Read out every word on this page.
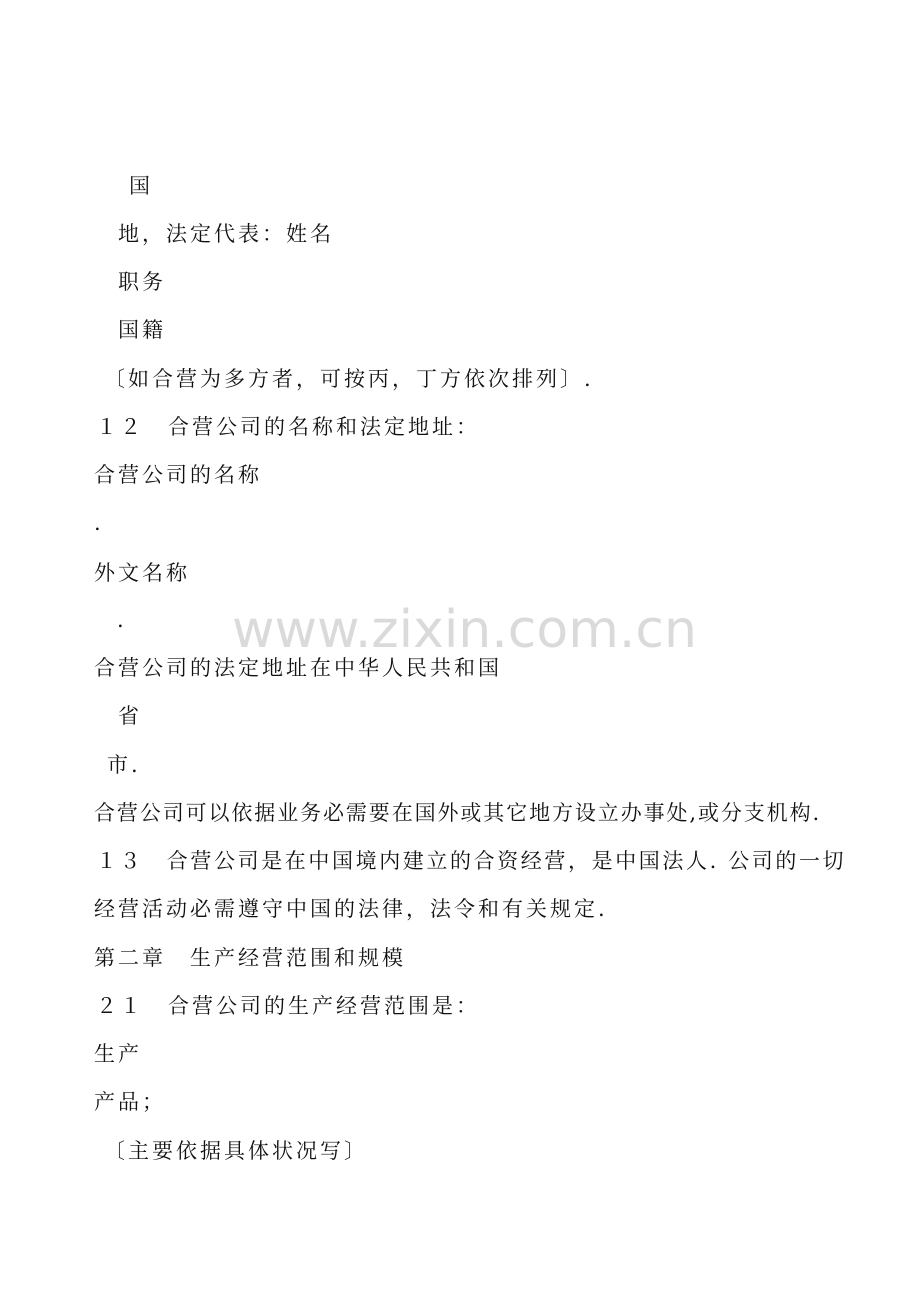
www.zixin.com.cn
国
地，法定代表：姓名
职务
国籍
〔如合营为多方者，可按丙，丁方依次排列〕.
１２　合营公司的名称和法定地址：
合营公司的名称
.
外文名称
.
合营公司的法定地址在中华人民共和国
省
市.
合营公司可以依据业务必需要在国外或其它地方设立办事处,或分支机构.
１３　合营公司是在中国境内建立的合资经营，是中国法人. 公司的一切
经营活动必需遵守中国的法律，法令和有关规定.
第二章　生产经营范围和规模
２１　合营公司的生产经营范围是：
生产
产品；
〔主要依据具体状况写〕
